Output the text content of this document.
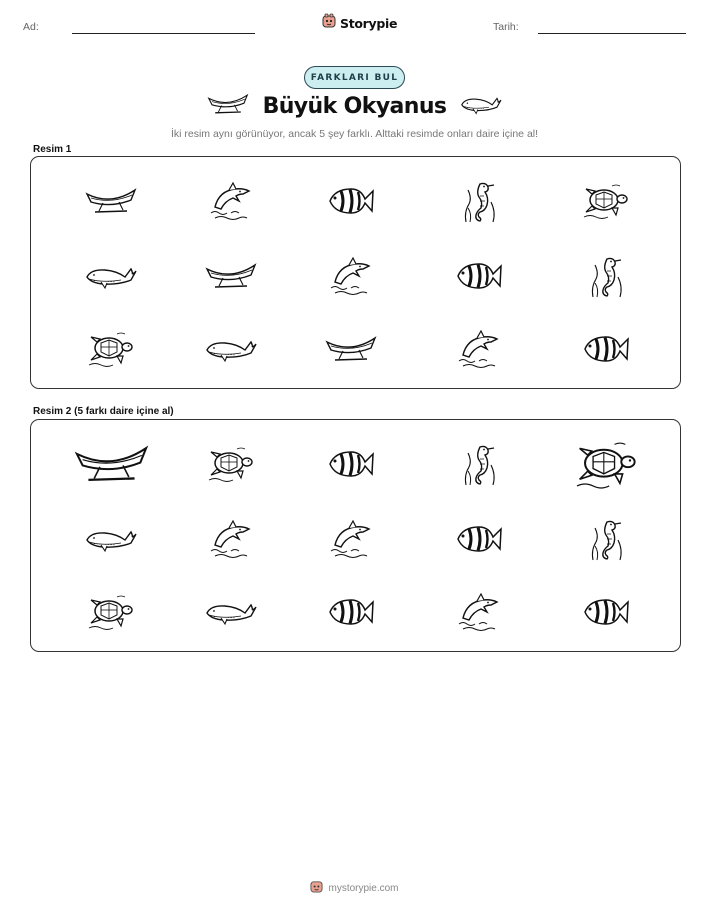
Ad:	Storypie	Tarih:
FARKLARI BUL
Büyük Okyanus
İki resim aynı görünüyor, ancak 5 şey farklı. Alttaki resimde onları daire içine al!
Resim 1
Resim 2 (5 farkı daire içine al)
mystorypie.com
